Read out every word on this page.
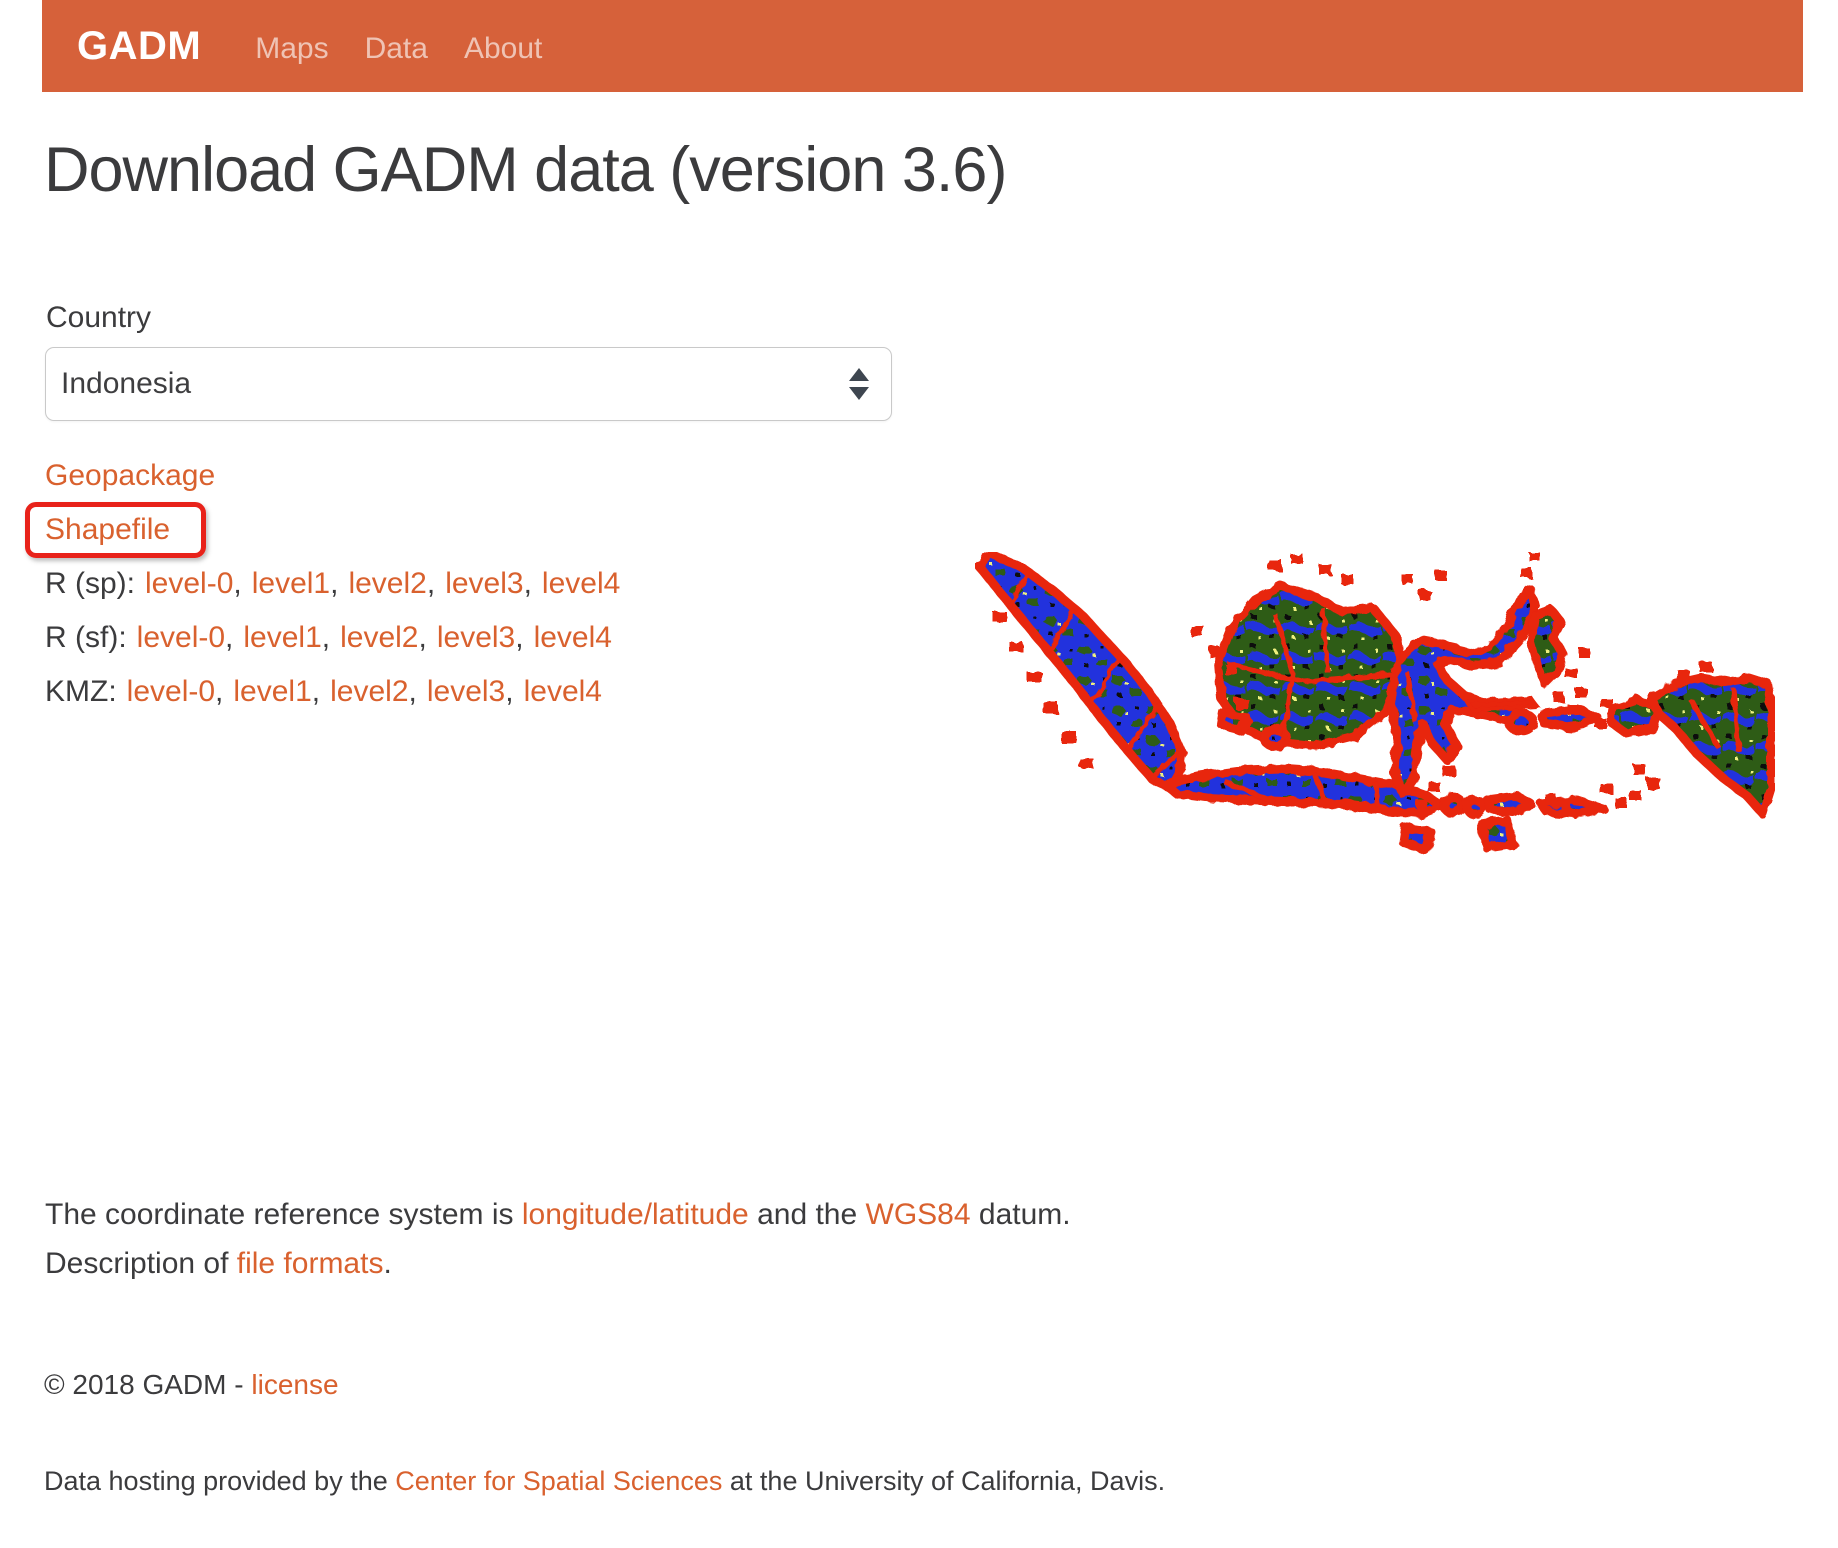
GADM Maps Data About
Download GADM data (version 3.6)
Country
Indonesia
Geopackage
Shapefile
R (sp): level-0, level1, level2, level3, level4
R (sf): level-0, level1, level2, level3, level4
KMZ: level-0, level1, level2, level3, level4

The coordinate reference system is longitude/latitude and the WGS84 datum.
Description of file formats.

© 2018 GADM - license

Data hosting provided by the Center for Spatial Sciences at the University of California, Davis.
